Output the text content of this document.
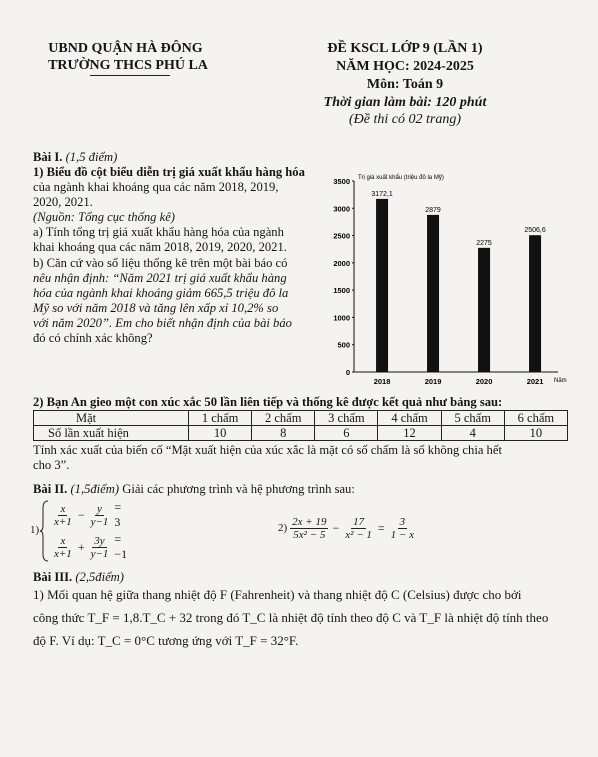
UBND QUẬN HÀ ĐÔNG
TRƯỜNG THCS PHÚ LA
ĐỀ KSCL LỚP 9 (LẦN 1)
NĂM HỌC: 2024-2025
Môn: Toán 9
Thời gian làm bài: 120 phút
(Đề thi có 02 trang)
Bài I. (1,5 điểm)
1) Biểu đồ cột biểu diễn trị giá xuất khẩu hàng hóa
của ngành khai khoáng qua các năm 2018, 2019,
2020, 2021.
(Nguồn: Tổng cục thống kê)
a) Tính tổng trị giá xuất khẩu hàng hóa của ngành
khai khoáng qua các năm 2018, 2019, 2020, 2021.
b) Căn cứ vào số liệu thống kê trên một bài báo có
nêu nhận định: “Năm 2021 trị giá xuất khẩu hàng
hóa của ngành khai khoáng giảm 665,5 triệu đô la
Mỹ so với năm 2018 và tăng lên xấp xỉ 10,2% so
với năm 2020”. Em cho biết nhận định của bài báo
đó có chính xác không?
Trị giá xuất khẩu (triệu đô la Mỹ)
0
500
1000
1500
2000
2500
3000
3500
3172,1
2018
2879
2019
2275
2020
2506,6
2021 Năm
2) Bạn An gieo một con xúc xắc 50 lần liên tiếp và thống kê được kết quả như bảng sau:
Mặt	1 chấm	2 chấm	3 chấm	4 chấm	5 chấm	6 chấm
Số lần xuất hiện	10	8	6	12	4	10
Tính xác xuất của biến cố “Mặt xuất hiện của xúc xắc là mặt có số chấm là số không chia hết
cho 3”.
Bài II. (1,5điểm) Giải các phương trình và hệ phương trình sau:
1)
$\frac{x}{x+1} - \frac{y}{y-1} = 3$
$\frac{x}{x+1} + \frac{3y}{y-1} = -1$
$2) \frac{2x + 19}{\text{5x² − 5}} - \frac{17}{\text{x² − 1}} = \frac{3}{1 - x}$
Bài III. (2,5điểm)
1) Mối quan hệ giữa thang nhiệt độ F (Fahrenheit) và thang nhiệt độ C (Celsius) được cho bởi
công thức T_F = 1,8.T_C + 32 trong đó T_C là nhiệt độ tính theo độ C và T_F là nhiệt độ tính theo
độ F. Ví dụ: T_C = 0°C tương ứng với T_F = 32°F.
